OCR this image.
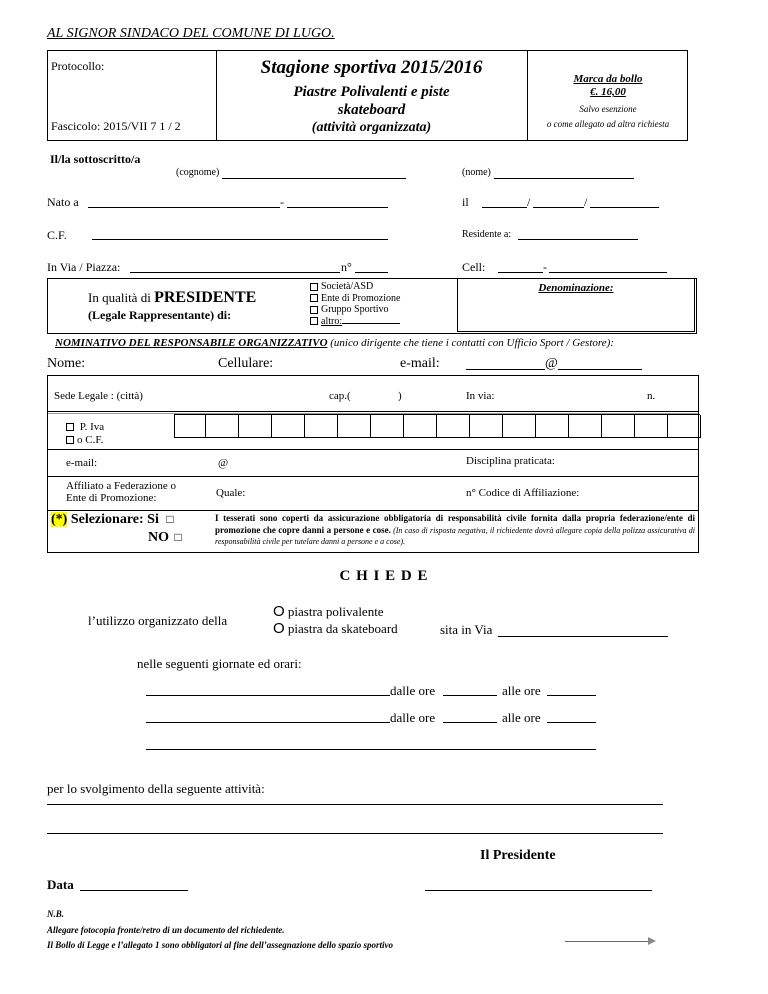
AL SIGNOR SINDACO DEL COMUNE DI LUGO.
Protocollo:
Fascicolo: 2015/VII 7 1 / 2
Stagione sportiva 2015/2016
Piastre Polivalenti e piste
skateboard
(attività organizzata)
Marca da bollo
€. 16,00
Salvo esenzione
o come allegato ad altra richiesta
Il/la sottoscritto/a
(cognome)	(nome)
Nato a	-	il	/	/
C.F.	Residente a:
In Via / Piazza:	n°	Cell:	-
In qualità di PRESIDENTE
(Legale Rappresentante) di:
Società/ASD
Ente di Promozione
Gruppo Sportivo
altro:
Denominazione:
NOMINATIVO DEL RESPONSABILE ORGANIZZATIVO (unico dirigente che tiene i contatti con Ufficio Sport / Gestore):
Nome:	Cellulare:	e-mail:	@
Sede Legale : (città)	cap.(	)	In via:	n.
P. Iva
o C.F.
e-mail:	@	Disciplina praticata:
Affiliato a Federazione o
Ente di Promozione:	Quale:	n° Codice di Affiliazione:
(*) Selezionare: Si □
NO □
I tesserati sono coperti da assicurazione obbligatoria di responsabilità civile fornita dalla propria federazione/ente di promozione che copre danni a persone e cose. (In caso di risposta negativa, il richiedente dovrà allegare copia della polizza assicurativa di responsabilità civile per tutelare danni a persone e a cose).
C H I E D E
l’utilizzo organizzato della
O piastra polivalente
O piastra da skateboard	sita in Via
nelle seguenti giornate ed orari:
dalle ore	alle ore
dalle ore	alle ore
per lo svolgimento della seguente attività:
Il Presidente
Data
N.B.
Allegare fotocopia fronte/retro di un documento del richiedente.
Il Bollo di Legge e l’allegato 1 sono obbligatori al fine dell’assegnazione dello spazio sportivo
